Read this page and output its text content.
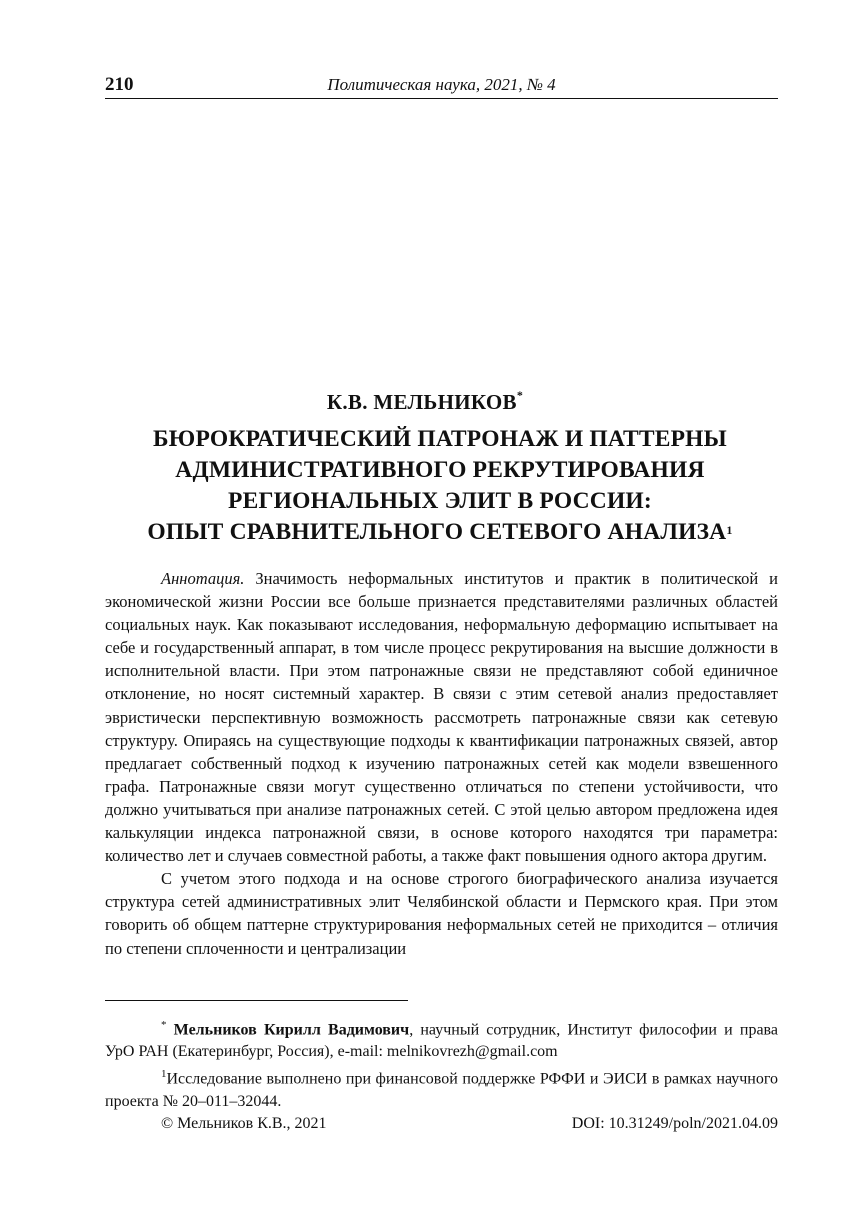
210	Политическая наука, 2021, № 4
К.В. МЕЛЬНИКОВ*
БЮРОКРАТИЧЕСКИЙ ПАТРОНАЖ И ПАТТЕРНЫ
АДМИНИСТРАТИВНОГО РЕКРУТИРОВАНИЯ
РЕГИОНАЛЬНЫХ ЭЛИТ В РОССИИ:
ОПЫТ СРАВНИТЕЛЬНОГО СЕТЕВОГО АНАЛИЗА$^1$

Аннотация. Значимость неформальных институтов и практик в политической и экономической жизни России все больше признается представителями различных областей социальных наук. Как показывают исследования, неформальную деформацию испытывает на себе и государственный аппарат, в том числе процесс рекрутирования на высшие должности в исполнительной власти. При этом патронажные связи не представляют собой единичное отклонение, но носят системный характер. В связи с этим сетевой анализ предоставляет эвристически перспективную возможность рассмотреть патронажные связи как сетевую структуру. Опираясь на существующие подходы к квантификации патронажных связей, автор предлагает собственный подход к изучению патронажных сетей как модели взвешенного графа. Патронажные связи могут существенно отличаться по степени устойчивости, что должно учитываться при анализе патронажных сетей. С этой целью автором предложена идея калькуляции индекса патронажной связи, в основе которого находятся три параметра: количество лет и случаев совместной работы, а также факт повышения одного актора другим.

С учетом этого подхода и на основе строгого биографического анализа изучается структура сетей административных элит Челябинской области и Пермского края. При этом говорить об общем паттерне структурирования неформальных сетей не приходится – отличия по степени сплоченности и централизации

* Мельников Кирилл Вадимович, научный сотрудник, Институт философии и права УрО РАН (Екатеринбург, Россия), e-mail: melnikovrezh@gmail.com

$^1$Исследование выполнено при финансовой поддержке РФФИ и ЭИСИ в рамках научного проекта № 20–011–32044.

© Мельников К.В., 2021	DOI: 10.31249/poln/2021.04.09
